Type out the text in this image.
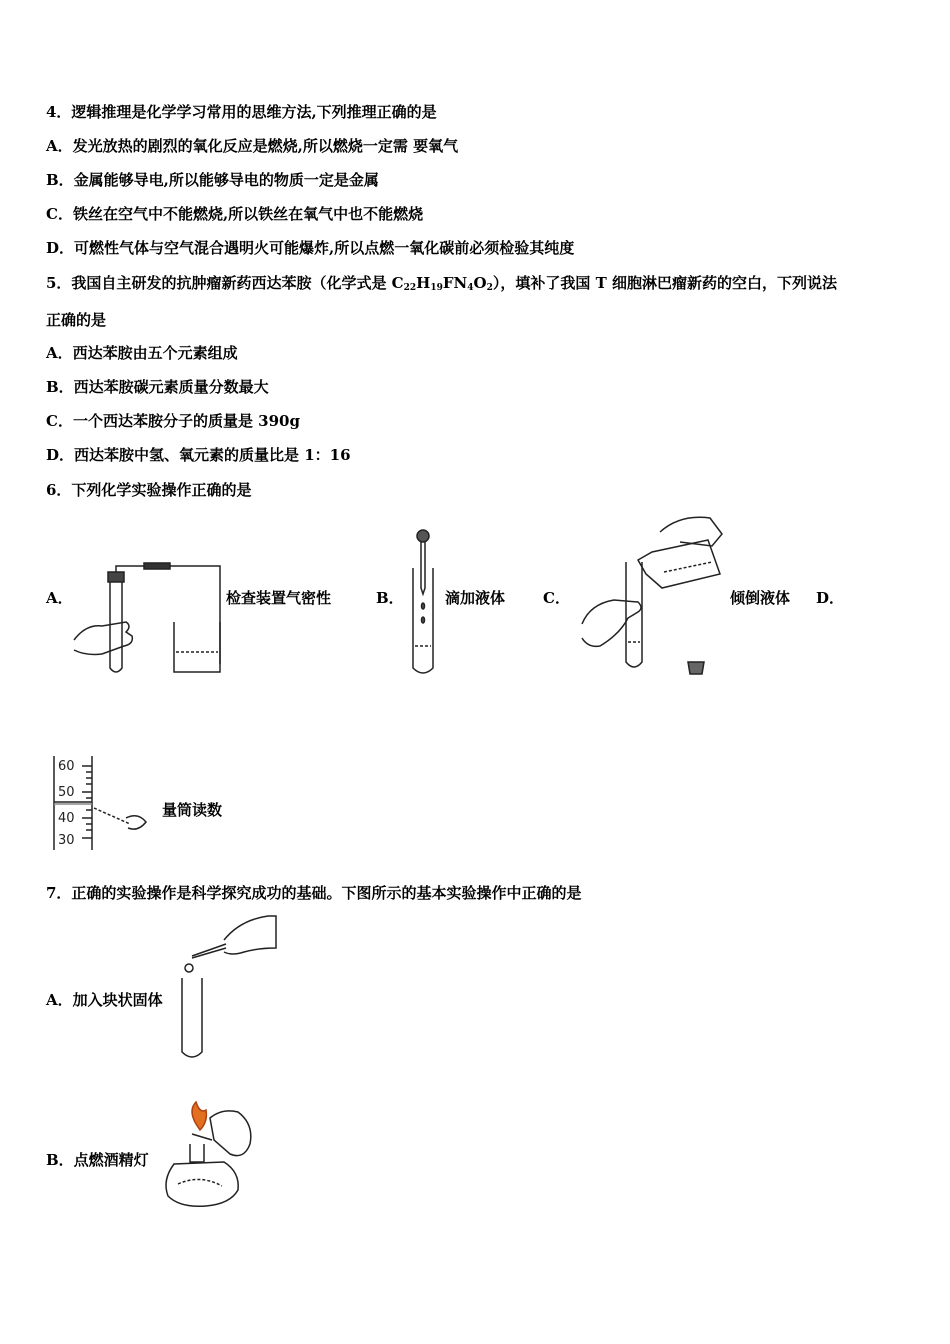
4．逻辑推理是化学学习常用的思维方法,下列推理正确的是
A．发光放热的剧烈的氧化反应是燃烧,所以燃烧一定需 要氧气
B．金属能够导电,所以能够导电的物质一定是金属
C．铁丝在空气中不能燃烧,所以铁丝在氧气中也不能燃烧
D．可燃性气体与空气混合遇明火可能爆炸,所以点燃一氧化碳前必须检验其纯度
5．我国自主研发的抗肿瘤新药西达苯胺（化学式是 $C_{22}H_{19}FN_4O_2$），填补了我国 T 细胞淋巴瘤新药的空白，下列说法
正确的是
A．西达苯胺由五个元素组成
B．西达苯胺碳元素质量分数最大
C．一个西达苯胺分子的质量是 390g
D．西达苯胺中氢、氧元素的质量比是 1：16
6．下列化学实验操作正确的是
A．	检查装置气密性	B．	滴加液体	C．	倾倒液体 D．
60
50
40
30
量筒读数
7．正确的实验操作是科学探究成功的基础。下图所示的基本实验操作中正确的是
A．加入块状固体
B．点燃酒精灯
